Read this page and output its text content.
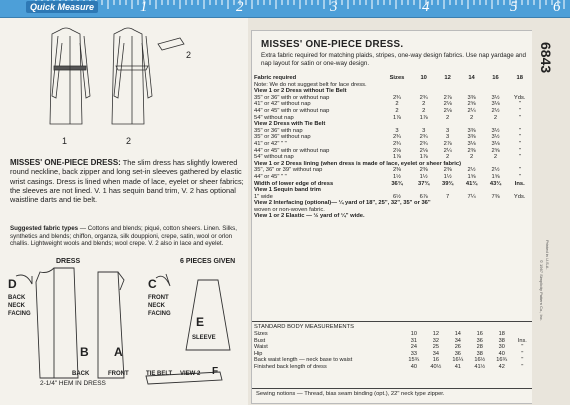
Quick Measure	1	2	3	4	5 6
1	2
2
MISSES' ONE-PIECE DRESS: The slim dress has slightly lowered round neckline, back zipper and long set-in sleeves gathered by elastic wrist casings. Dress is lined when made of lace, eyelet or sheer fabrics; the sleeves are not lined. V. 1 has sequin band trim, V. 2 has optional waistline darts and tie belt.
Suggested fabric types — Cottons and blends; piqué, cotton sheers. Linen. Silks, synthetics and blends; chiffon, organza, silk douppioni, crepe, satin, wool or orlon challis. Lightweight wools and blends; wool crepe. V. 2 also in lace and eyelet.
DRESS	6 PIECES GIVEN
D
BACK NECK FACING
C
FRONT NECK FACING
E
SLEEVE
B
BACK
A
FRONT	TIE BELT VIEW 2 F
2-1/4" HEM IN DRESS
MISSES' ONE-PIECE DRESS.
Extra fabric required for matching plaids, stripes, one-way design fabrics. Use nap yardage and nap layout for satin or one-way design.
Fabric required	Sizes	10	12	14	16	18
Note: We do not suggest belt for lace dress.						
View 1 or 2 Dress without Tie Belt						
35" or 36" with or without nap	2¾	2¾	2⅞	3⅜	3½	Yds.
41" or 42" without nap	2	2	2⅛	2⅝	3⅛	"
44" or 45" with or without nap	2	2	2⅛	2¼	2½	"
54" without nap	1⅞	1⅞	2	2	2	"
View 2 Dress with Tie Belt						
35" or 36" with nap	3	3	3	3⅜	3½	"
35" or 36" without nap	2¾	2¾	3	3⅜	3½	"
41" or 42" " "	2¾	2¾	2⅞	3⅛	3⅛	"
44" or 45" with or without nap	2⅛	2⅛	2¼	2⅜	2⅝	"
54" without nap	1⅞	1⅞	2	2	2	"
View 1 or 2 Dress lining (when dress is made of lace, eyelet or sheer fabric)						
35", 36" or 39" without nap	2⅜	2⅜	2⅜	2½	2½	"
44" or 45" " "	1½	1½	1½	1⅝	1⅝	"
Width of lower edge of dress	36¾	37¾	39¾	41¾	43¾	Ins.
View 1 Sequin band trim						
1" wide	6½	6⅞	7	7¼	7⅜	Yds.
View 2 Interfacing (optional)— ¼ yard of 18", 25", 32", 35" or 36"						
woven or non-woven fabric.						
View 1 or 2 Elastic — ½ yard of ¼" wide.						
STANDARD BODY MEASUREMENTS
Sizes	10	12	14	16	18	
Bust	31	32	34	36	38	Ins.
Waist	24	25	26	28	30	"
Hip	33	34	36	38	40	"
Back waist length — neck base to waist	15¾	16	16¼	16½	16¾	"
Finished back length of dress	40	40½	41	41½	42	"
Sewing notions — Thread, bias seam binding (opt.), 22" neck type zipper.
6843
Printed in U.S.A.
© 1967 Simplicity Pattern Co., Inc.
